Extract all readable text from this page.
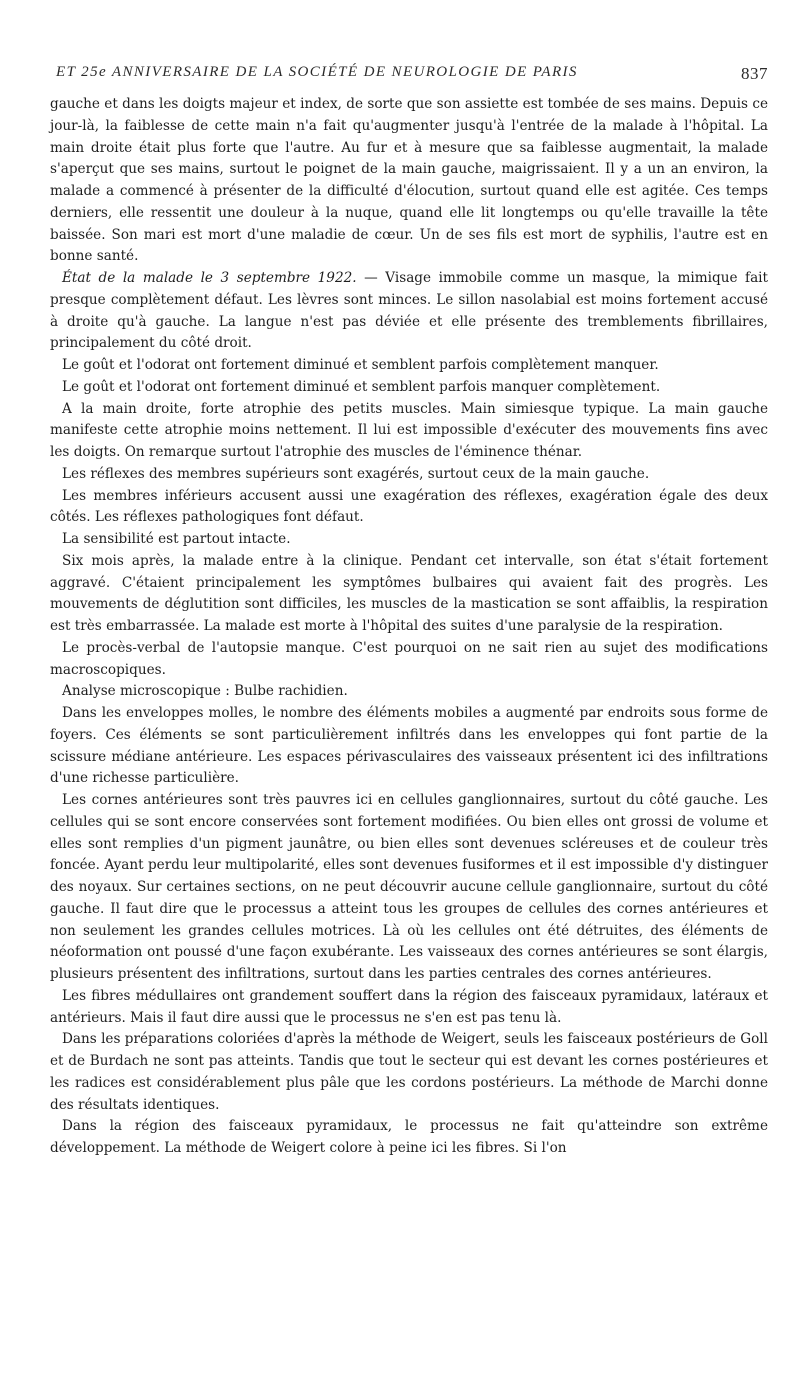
ET 25e ANNIVERSAIRE DE LA SOCIÉTÉ DE NEUROLOGIE DE PARIS	837

gauche et dans les doigts majeur et index, de sorte que son assiette est tombée de ses mains. Depuis ce jour-là, la faiblesse de cette main n'a fait qu'augmenter jusqu'à l'entrée de la malade à l'hôpital. La main droite était plus forte que l'autre. Au fur et à mesure que sa faiblesse augmentait, la malade s'aperçut que ses mains, surtout le poignet de la main gauche, maigrissaient. Il y a un an environ, la malade a commencé à présenter de la difficulté d'élocution, surtout quand elle est agitée. Ces temps derniers, elle ressentit une douleur à la nuque, quand elle lit longtemps ou qu'elle travaille la tête baissée. Son mari est mort d'une maladie de cœur. Un de ses fils est mort de syphilis, l'autre est en bonne santé.

État de la malade le 3 septembre 1922. — Visage immobile comme un masque, la mimique fait presque complètement défaut. Les lèvres sont minces. Le sillon nasolabial est moins fortement accusé à droite qu'à gauche. La langue n'est pas déviée et elle présente des tremblements fibrillaires, principalement du côté droit.

Le goût et l'odorat ont fortement diminué et semblent parfois complètement manquer.

Le goût et l'odorat ont fortement diminué et semblent parfois manquer complètement.

A la main droite, forte atrophie des petits muscles. Main simiesque typique. La main gauche manifeste cette atrophie moins nettement. Il lui est impossible d'exécuter des mouvements fins avec les doigts. On remarque surtout l'atrophie des muscles de l'éminence thénar.

Les réflexes des membres supérieurs sont exagérés, surtout ceux de la main gauche.

Les membres inférieurs accusent aussi une exagération des réflexes, exagération égale des deux côtés. Les réflexes pathologiques font défaut.

La sensibilité est partout intacte.

Six mois après, la malade entre à la clinique. Pendant cet intervalle, son état s'était fortement aggravé. C'étaient principalement les symptômes bulbaires qui avaient fait des progrès. Les mouvements de déglutition sont difficiles, les muscles de la mastication se sont affaiblis, la respiration est très embarrassée. La malade est morte à l'hôpital des suites d'une paralysie de la respiration.

Le procès-verbal de l'autopsie manque. C'est pourquoi on ne sait rien au sujet des modifications macroscopiques.

Analyse microscopique : Bulbe rachidien.

Dans les enveloppes molles, le nombre des éléments mobiles a augmenté par endroits sous forme de foyers. Ces éléments se sont particulièrement infiltrés dans les enveloppes qui font partie de la scissure médiane antérieure. Les espaces périvasculaires des vaisseaux présentent ici des infiltrations d'une richesse particulière.

Les cornes antérieures sont très pauvres ici en cellules ganglionnaires, surtout du côté gauche. Les cellules qui se sont encore conservées sont fortement modifiées. Ou bien elles ont grossi de volume et elles sont remplies d'un pigment jaunâtre, ou bien elles sont devenues scléreuses et de couleur très foncée. Ayant perdu leur multipolarité, elles sont devenues fusiformes et il est impossible d'y distinguer des noyaux. Sur certaines sections, on ne peut découvrir aucune cellule ganglionnaire, surtout du côté gauche. Il faut dire que le processus a atteint tous les groupes de cellules des cornes antérieures et non seulement les grandes cellules motrices. Là où les cellules ont été détruites, des éléments de néoformation ont poussé d'une façon exubérante. Les vaisseaux des cornes antérieures se sont élargis, plusieurs présentent des infiltrations, surtout dans les parties centrales des cornes antérieures.

Les fibres médullaires ont grandement souffert dans la région des faisceaux pyramidaux, latéraux et antérieurs. Mais il faut dire aussi que le processus ne s'en est pas tenu là.

Dans les préparations coloriées d'après la méthode de Weigert, seuls les faisceaux postérieurs de Goll et de Burdach ne sont pas atteints. Tandis que tout le secteur qui est devant les cornes postérieures et les radices est considérablement plus pâle que les cordons postérieurs. La méthode de Marchi donne des résultats identiques.

Dans la région des faisceaux pyramidaux, le processus ne fait qu'atteindre son extrême développement. La méthode de Weigert colore à peine ici les fibres. Si l'on
